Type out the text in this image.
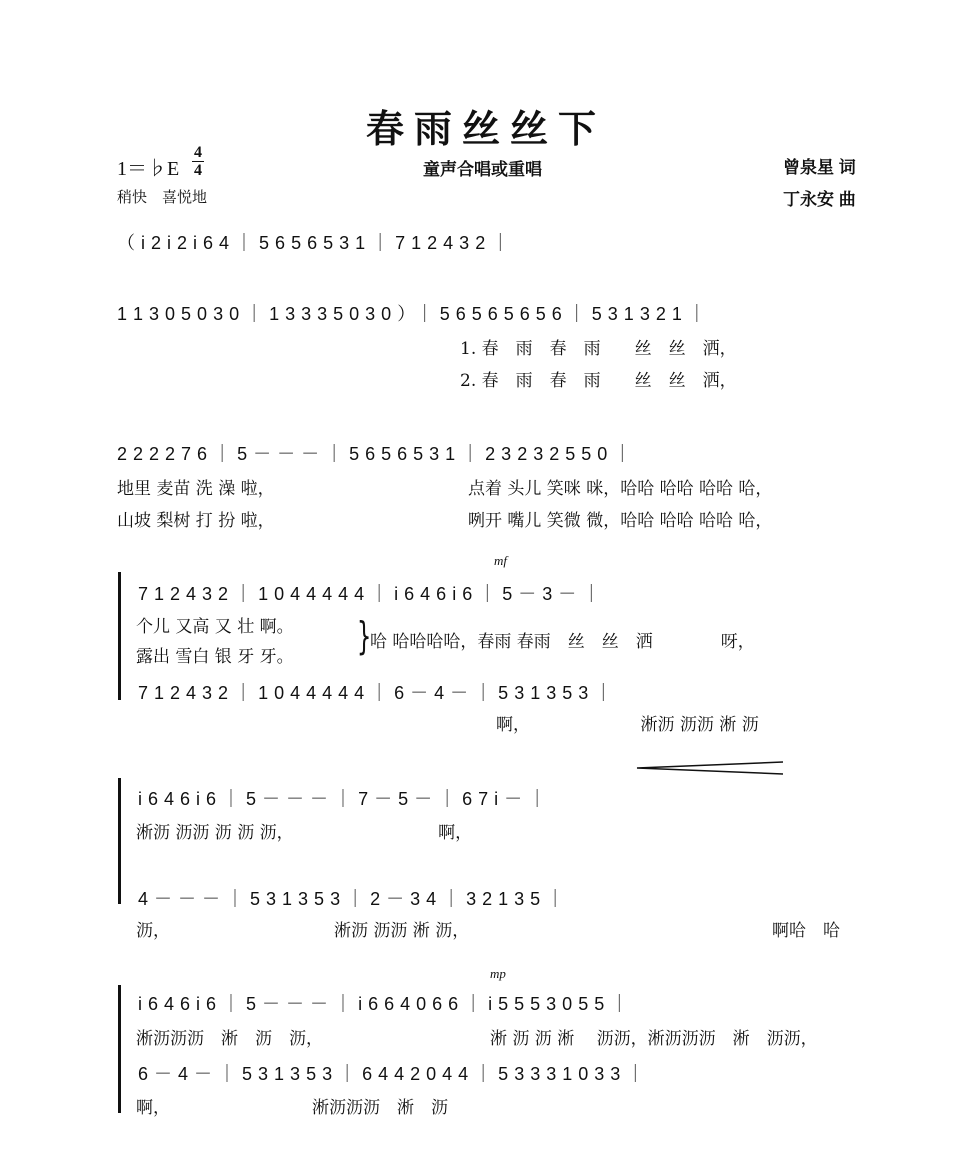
春雨丝丝下
1＝♭E
4
4
稍快　喜悦地
童声合唱或重唱	曾泉星 词
丁永安 曲
（ i 2 i 2 i 6 4 ｜ 5 6 5 6 5 3 1 ｜ 7 1 2 4 3 2 ｜
1 1 3 0 5 0 3 0 ｜ 1 3 3 3 5 0 3 0 ）｜ 5 6 5 6 5 6 5 6 ｜ 5 3 1 3 2 1 ｜
1. 春　雨　春　雨　　丝　丝　洒，
2. 春　雨　春　雨　　丝　丝　洒，
2 2 2 2 7 6 ｜ 5 － － － ｜ 5 6 5 6 5 3 1 ｜ 2 3 2 3 2 5 5 0 ｜
地里 麦苗 洗 澡 啦，	点着 头儿 笑咪 咪，哈哈 哈哈 哈哈 哈，
山坡 梨树 打 扮 啦，	咧开 嘴儿 笑微 微，哈哈 哈哈 哈哈 哈，
mf
7 1 2 4 3 2 ｜ 1 0 4 4 4 4 4 ｜ i 6 4 6 i 6 ｜ 5 － 3 － ｜
个儿 又高 又 壮 啊。
露出 雪白 银 牙 牙。 }
哈 哈哈哈哈，春雨 春雨　丝　丝　洒　　　　呀，
7 1 2 4 3 2 ｜ 1 0 4 4 4 4 4 ｜ 6 － 4 － ｜ 5 3 1 3 5 3 ｜
啊，　　　　　　　淅沥 沥沥 淅 沥
i 6 4 6 i 6 ｜ 5 － － － ｜ 7 － 5 － ｜ 6 7 i － ｜
淅沥 沥沥 沥 沥 沥，　　　　　　　　　啊，
4 － － － ｜ 5 3 1 3 5 3 ｜ 2 － 3 4 ｜ 3 2 1 3 5 ｜
沥，	淅沥 沥沥 淅 沥，	啊哈　哈
mp
i 6 4 6 i 6 ｜ 5 － － － ｜ i 6 6 4 0 6 6 ｜ i 5 5 5 3 0 5 5 ｜
淅沥沥沥　淅　沥　沥，	淅 沥 沥 淅　 沥沥，淅沥沥沥　淅　沥沥，
6 － 4 － ｜ 5 3 1 3 5 3 ｜ 6 4 4 2 0 4 4 ｜ 5 3 3 3 1 0 3 3 ｜
啊，	淅沥沥沥　淅　沥
